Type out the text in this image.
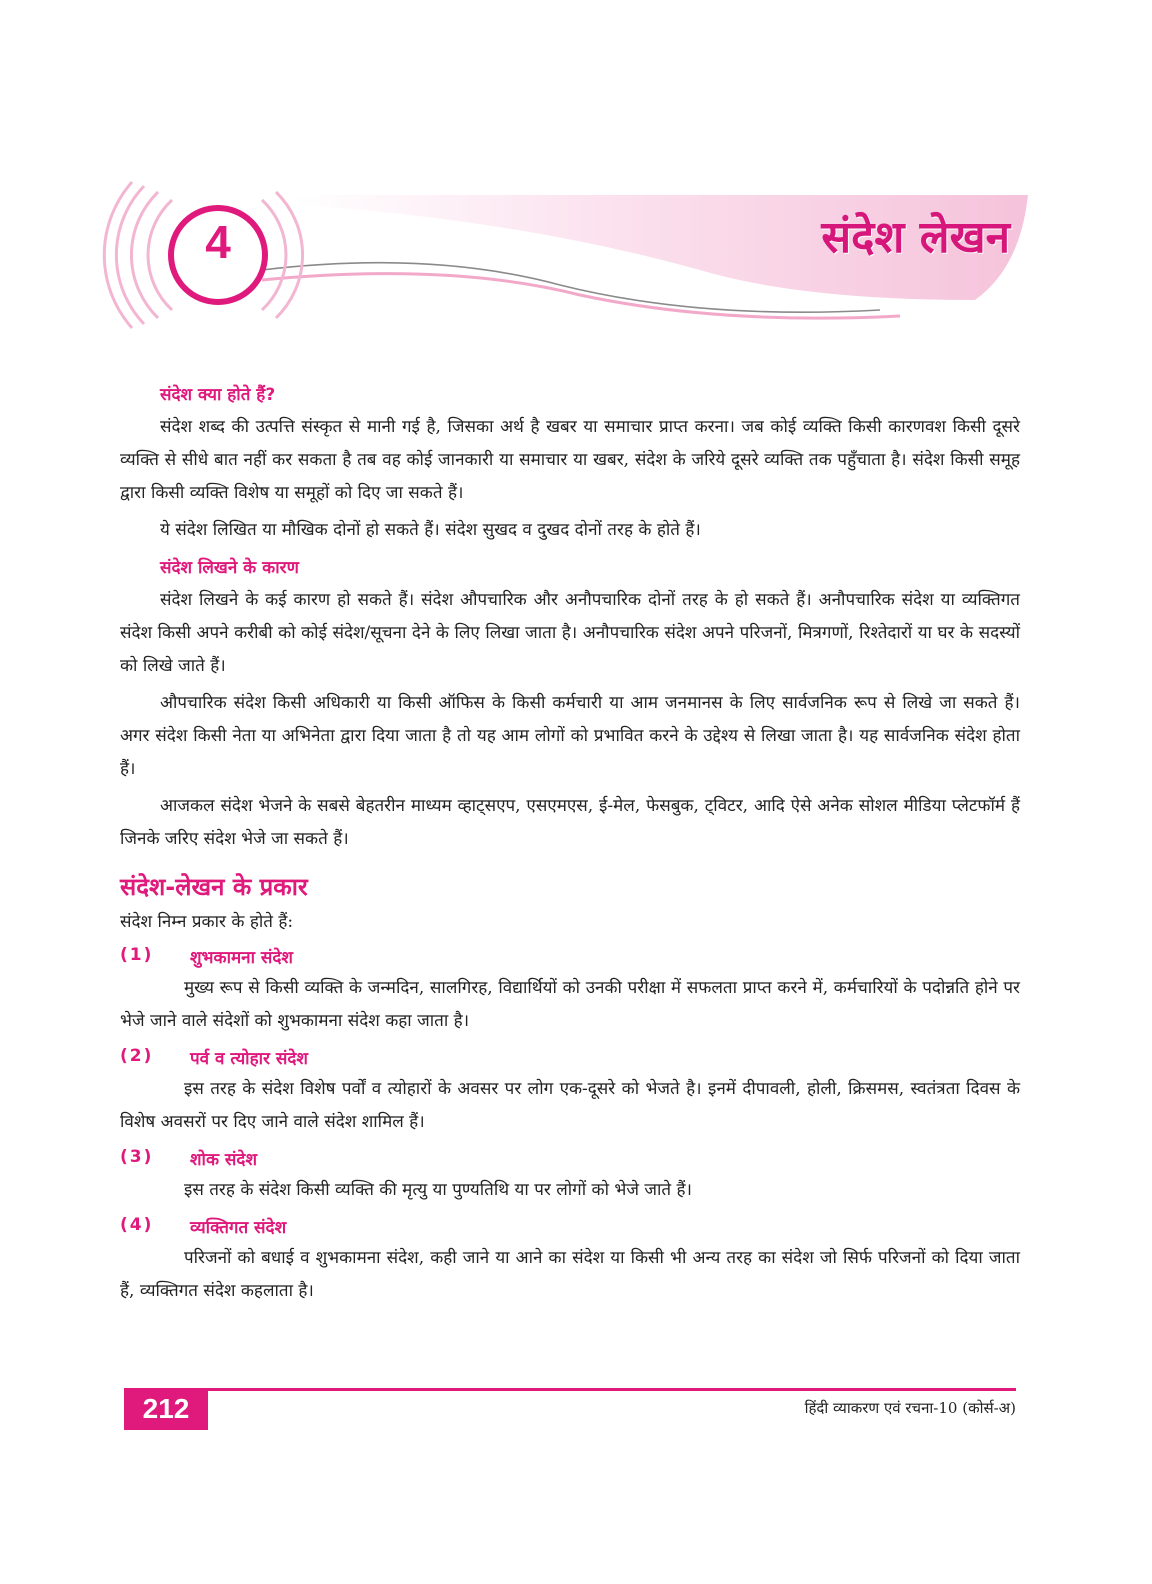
4	संदेश लेखन
संदेश क्या होते हैं?

संदेश शब्द की उत्पत्ति संस्कृत से मानी गई है, जिसका अर्थ है खबर या समाचार प्राप्त करना। जब कोई व्यक्ति किसी कारणवश किसी दूसरे व्यक्ति से सीधे बात नहीं कर सकता है तब वह कोई जानकारी या समाचार या खबर, संदेश के जरिये दूसरे व्यक्ति तक पहुँचाता है। संदेश किसी समूह द्वारा किसी व्यक्ति विशेष या समूहों को दिए जा सकते हैं।

ये संदेश लिखित या मौखिक दोनों हो सकते हैं। संदेश सुखद व दुखद दोनों तरह के होते हैं।

संदेश लिखने के कारण

संदेश लिखने के कई कारण हो सकते हैं। संदेश औपचारिक और अनौपचारिक दोनों तरह के हो सकते हैं। अनौपचारिक संदेश या व्यक्तिगत संदेश किसी अपने करीबी को कोई संदेश/सूचना देने के लिए लिखा जाता है। अनौपचारिक संदेश अपने परिजनों, मित्रगणों, रिश्तेदारों या घर के सदस्यों को लिखे जाते हैं।

औपचारिक संदेश किसी अधिकारी या किसी ऑफिस के किसी कर्मचारी या आम जनमानस के लिए सार्वजनिक रूप से लिखे जा सकते हैं। अगर संदेश किसी नेता या अभिनेता द्वारा दिया जाता है तो यह आम लोगों को प्रभावित करने के उद्देश्य से लिखा जाता है। यह सार्वजनिक संदेश होता हैं।

आजकल संदेश भेजने के सबसे बेहतरीन माध्यम व्हाट्सएप, एसएमएस, ई-मेल, फेसबुक, ट्विटर, आदि ऐसे अनेक सोशल मीडिया प्लेटफॉर्म हैं जिनके जरिए संदेश भेजे जा सकते हैं।

संदेश-लेखन के प्रकार

संदेश निम्न प्रकार के होते हैं:

(1)	शुभकामना संदेश

मुख्य रूप से किसी व्यक्ति के जन्मदिन, सालगिरह, विद्यार्थियों को उनकी परीक्षा में सफलता प्राप्त करने में, कर्मचारियों के पदोन्नति होने पर भेजे जाने वाले संदेशों को शुभकामना संदेश कहा जाता है।

(2)	पर्व व त्योहार संदेश

इस तरह के संदेश विशेष पर्वों व त्योहारों के अवसर पर लोग एक-दूसरे को भेजते है। इनमें दीपावली, होली, क्रिसमस, स्वतंत्रता दिवस के विशेष अवसरों पर दिए जाने वाले संदेश शामिल हैं।

(3)	शोक संदेश

इस तरह के संदेश किसी व्यक्ति की मृत्यु या पुण्यतिथि या पर लोगों को भेजे जाते हैं।

(4)	व्यक्तिगत संदेश

परिजनों को बधाई व शुभकामना संदेश, कही जाने या आने का संदेश या किसी भी अन्य तरह का संदेश जो सिर्फ परिजनों को दिया जाता हैं, व्यक्तिगत संदेश कहलाता है।

212	हिंदी व्याकरण एवं रचना-10 (कोर्स-अ)
